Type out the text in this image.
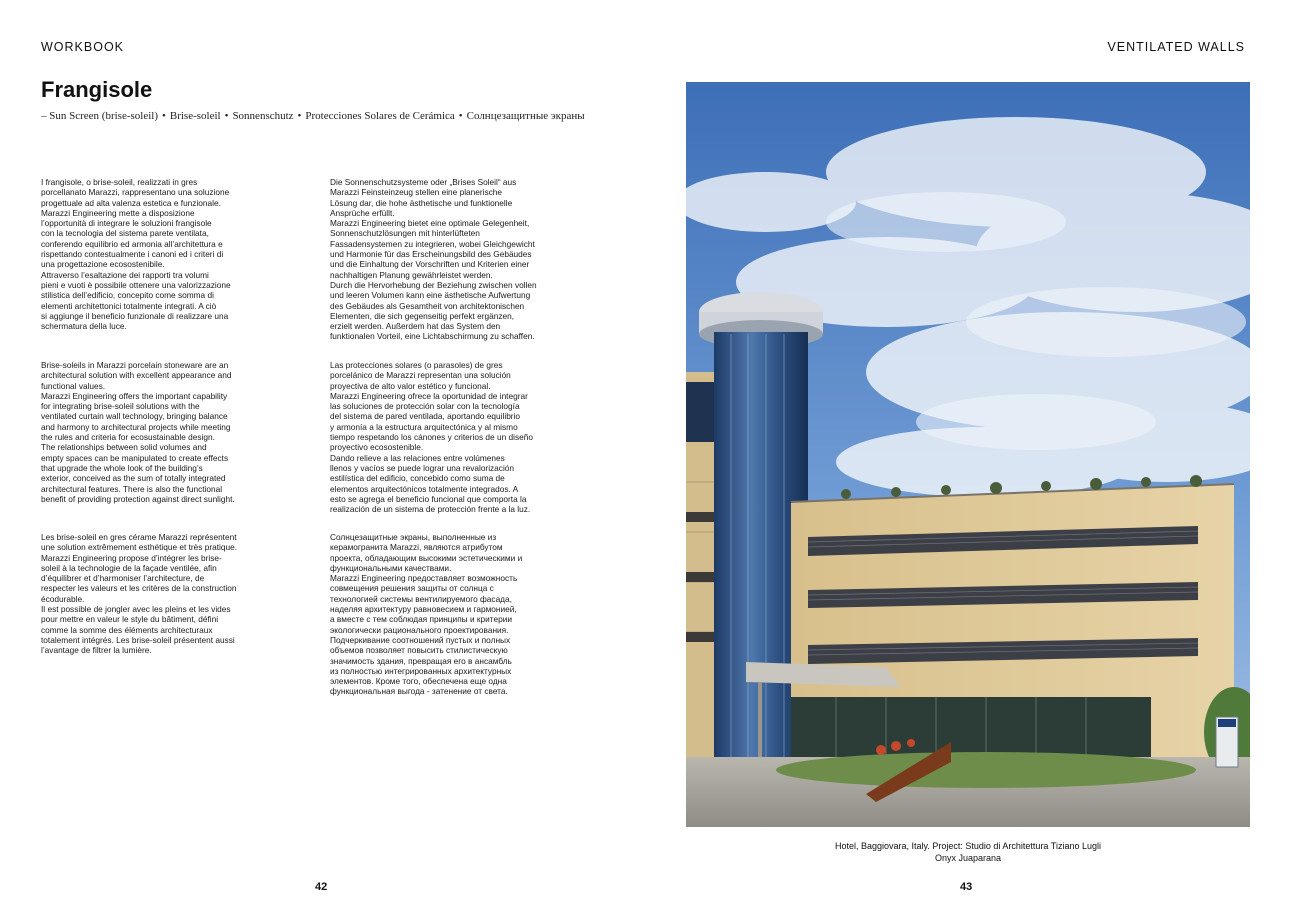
WORKBOOK	VENTILATED WALLS
Frangisole
– Sun Screen (brise-soleil) • Brise-soleil • Sonnenschutz • Protecciones Solares de Cerámica • Солнцезащитные экраны

I frangisole, o brise-soleil, realizzati in gres
porcellanato Marazzi, rappresentano una soluzione
progettuale ad alta valenza estetica e funzionale.
Marazzi Engineering mette a disposizione
l’opportunità di integrare le soluzioni frangisole
con la tecnologia del sistema parete ventilata,
conferendo equilibrio ed armonia all’architettura e
rispettando contestualmente i canoni ed i criteri di
una progettazione ecosostenibile.
Attraverso l’esaltazione dei rapporti tra volumi
pieni e vuoti è possibile ottenere una valorizzazione
stilistica dell’edificio, concepito come somma di
elementi architettonici totalmente integrati. A ciò
si aggiunge il beneficio funzionale di realizzare una
schermatura della luce.

Brise-soleils in Marazzi porcelain stoneware are an
architectural solution with excellent appearance and
functional values.
Marazzi Engineering offers the important capability
for integrating brise-soleil solutions with the
ventilated curtain wall technology, bringing balance
and harmony to architectural projects while meeting
the rules and criteria for ecosustainable design.
The relationships between solid volumes and
empty spaces can be manipulated to create effects
that upgrade the whole look of the building’s
exterior, conceived as the sum of totally integrated
architectural features. There is also the functional
benefit of providing protection against direct sunlight.

Les brise-soleil en gres cérame Marazzi représentent
une solution extrêmement esthétique et très pratique.
Marazzi Engineering propose d’intégrer les brise-
soleil à la technologie de la façade ventilée, afin
d’équilibrer et d’harmoniser l’architecture, de
respecter les valeurs et les critères de la construction
écodurable.
Il est possible de jongler avec les pleins et les vides
pour mettre en valeur le style du bâtiment, défini
comme la somme des éléments architecturaux
totalement intégrés. Les brise-soleil présentent aussi
l’avantage de filtrer la lumière.

Die Sonnenschutzsysteme oder „Brises Soleil“ aus
Marazzi Feinsteinzeug stellen eine planerische
Lösung dar, die hohe ästhetische und funktionelle
Ansprüche erfüllt.
Marazzi Engineering bietet eine optimale Gelegenheit,
Sonnenschutzlösungen mit hinterlüfteten
Fassadensystemen zu integrieren, wobei Gleichgewicht
und Harmonie für das Erscheinungsbild des Gebäudes
und die Einhaltung der Vorschriften und Kriterien einer
nachhaltigen Planung gewährleistet werden.
Durch die Hervorhebung der Beziehung zwischen vollen
und leeren Volumen kann eine ästhetische Aufwertung
des Gebäudes als Gesamtheit von architektonischen
Elementen, die sich gegenseitig perfekt ergänzen,
erzielt werden. Außerdem hat das System den
funktionalen Vorteil, eine Lichtabschirmung zu schaffen.

Las protecciones solares (o parasoles) de gres
porcelánico de Marazzi representan una solución
proyectiva de alto valor estético y funcional.
Marazzi Engineering ofrece la oportunidad de integrar
las soluciones de protección solar con la tecnología
del sistema de pared ventilada, aportando equilibrio
y armonía a la estructura arquitectónica y al mismo
tiempo respetando los cánones y criterios de un diseño
proyectivo ecosostenible.
Dando relieve a las relaciones entre volúmenes
llenos y vacíos se puede lograr una revalorización
estilística del edificio, concebido como suma de
elementos arquitectónicos totalmente integrados. A
esto se agrega el beneficio funcional que comporta la
realización de un sistema de protección frente a la luz.

Солнцезащитные экраны, выполненные из
керамогранита Marazzi, являются атрибутом
проекта, обладающим высокими эстетическими и
функциональными качествами.
Marazzi Engineering предоставляет возможность
совмещения решения защиты от солнца с
технологией системы вентилируемого фасада,
наделяя архитектуру равновесием и гармонией,
а вместе с тем соблюдая принципы и критерии
экологически рационального проектирования.
Подчеркивание соотношений пустых и полных
объемов позволяет повысить стилистическую
значимость здания, превращая его в ансамбль
из полностью интегрированных архитектурных
элементов. Кроме того, обеспечена еще одна
функциональная выгода - затенение от света.

Hotel, Baggiovara, Italy. Project: Studio di Architettura Tiziano Lugli
Onyx Juaparana
42	43
